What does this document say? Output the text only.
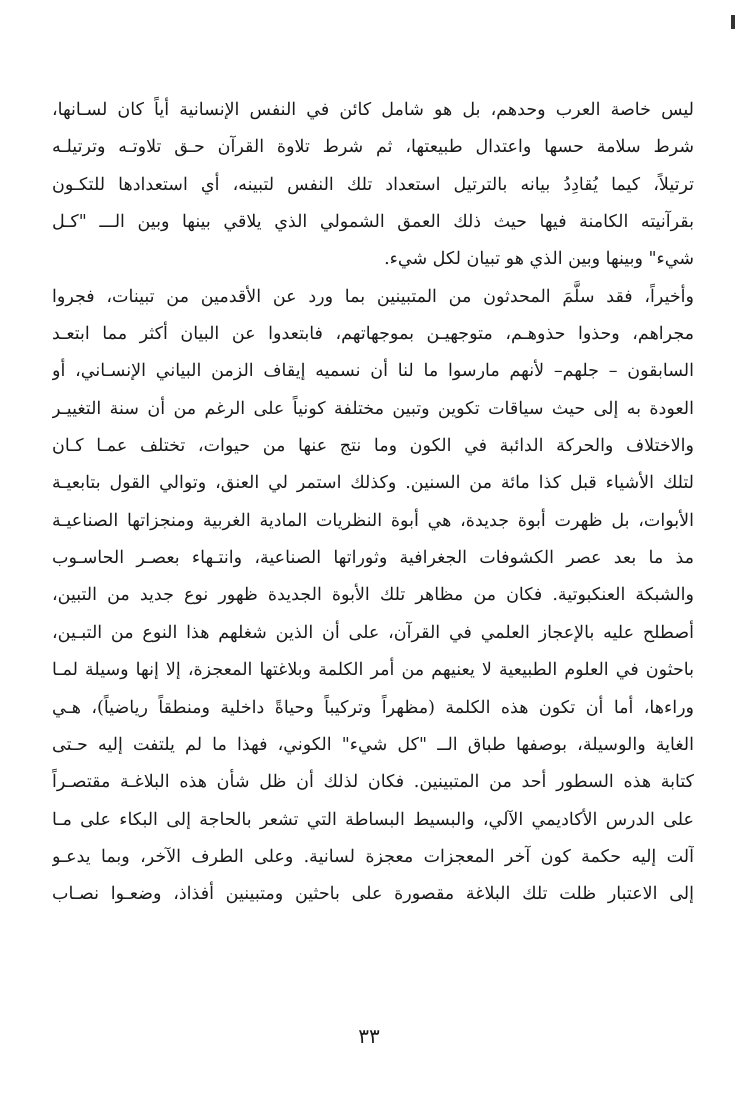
ليس خاصة العرب وحدهم، بل هو شامل كائن في النفس الإنسانية أياً كان لسـانها،
شرط سلامة حسها واعتدال طبيعتها، ثم شرط تلاوة القرآن حـق تلاوتـه وترتيلـه
ترتيلاً، كيما يُقادِدُ بيانه بالترتيل استعداد تلك النفس لتبينه، أي استعدادها للتكـون
بقرآنيته الكامنة فيها حيث ذلك العمق الشمولي الذي يلاقي بينها وبين الـــ "كـل
شيء" وبينها وبين الذي هو تبيان لكل شيء.
وأخيراً، فقد سلَّمَ المحدثون من المتبينين بما ورد عن الأقدمين من تبينات، فجروا
مجراهم، وحذوا حذوهـم، متوجهيـن بموجهاتهم، فابتعدوا عن البيان أكثر مما ابتعـد
السابقون – جلهم– لأنهم مارسوا ما لنا أن نسميه إيقاف الزمن البياني الإنسـاني، أو
العودة به إلى حيث سياقات تكوين وتبين مختلفة كونياً على الرغم من أن سنة التغييـر
والاختلاف والحركة الدائبة في الكون وما نتج عنها من حيوات، تختلف عمـا كـان
لتلك الأشياء قبل كذا مائة من السنين. وكذلك استمر لي العنق، وتوالي القول بتابعيـة
الأبوات، بل ظهرت أبوة جديدة، هي أبوة النظريات المادية الغربية ومنجزاتها الصناعيـة
مذ ما بعد عصر الكشوفات الجغرافية وثوراتها الصناعية، وانتـهاء بعصـر الحاسـوب
والشبكة العنكبوتية. فكان من مظاهر تلك الأبوة الجديدة ظهور نوع جديد من التبين،
أصطلح عليه بالإعجاز العلمي في القرآن، على أن الذين شغلهم هذا النوع من التبـين،
باحثون في العلوم الطبيعية لا يعنيهم من أمر الكلمة وبلاغتها المعجزة، إلا إنها وسيلة لمـا
وراءها، أما أن تكون هذه الكلمة (مظهراً وتركيباً وحياةً داخلية ومنطقاً رياضياً)، هـي
الغاية والوسيلة، بوصفها طباق الــ "كل شيء" الكوني، فهذا ما لم يلتفت إليه حـتى
كتابة هذه السطور أحد من المتبينين. فكان لذلك أن ظل شأن هذه البلاغـة مقتصـراً
على الدرس الأكاديمي الآلي، والبسيط البساطة التي تشعر بالحاجة إلى البكاء على مـا
آلت إليه حكمة كون آخر المعجزات معجزة لسانية. وعلى الطرف الآخر، وبما يدعـو
إلى الاعتبار ظلت تلك البلاغة مقصورة على باحثين ومتبينين أفذاذ، وضعـوا نصـاب
٣٣
